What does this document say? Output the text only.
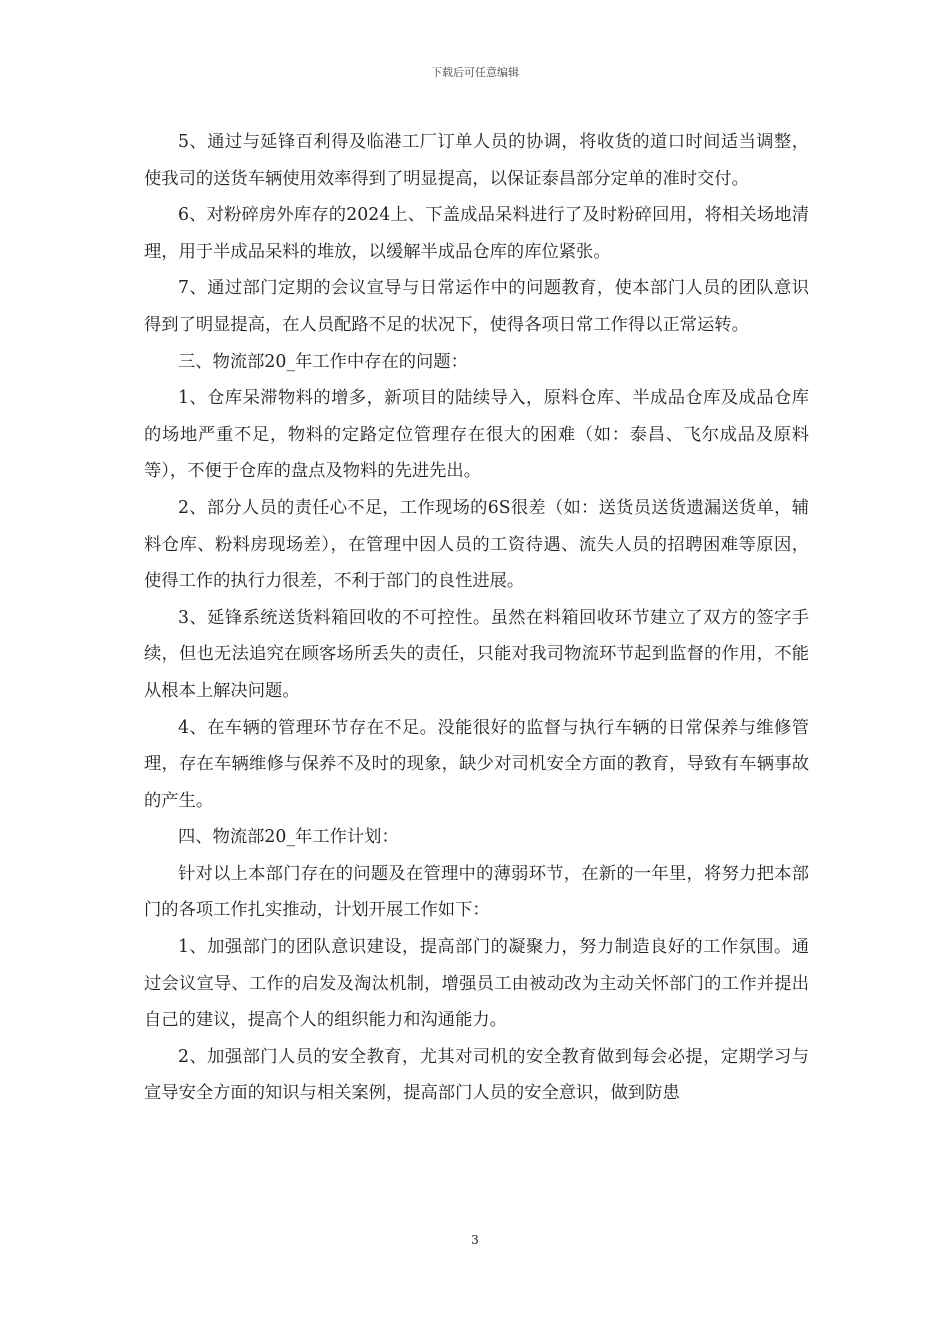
下载后可任意编辑

5、通过与延锋百利得及临港工厂订单人员的协调，将收货的道口时间适当调整，使我司的送货车辆使用效率得到了明显提高，以保证泰昌部分定单的准时交付。

6、对粉碎房外库存的2024上、下盖成品呆料进行了及时粉碎回用，将相关场地清理，用于半成品呆料的堆放，以缓解半成品仓库的库位紧张。

7、通过部门定期的会议宣导与日常运作中的问题教育，使本部门人员的团队意识得到了明显提高，在人员配路不足的状况下，使得各项日常工作得以正常运转。

三、物流部20_年工作中存在的问题：

1、仓库呆滞物料的增多，新项目的陆续导入，原料仓库、半成品仓库及成品仓库的场地严重不足，物料的定路定位管理存在很大的困难（如：泰昌、飞尔成品及原料等），不便于仓库的盘点及物料的先进先出。

2、部分人员的责任心不足，工作现场的6S很差（如：送货员送货遗漏送货单，辅料仓库、粉料房现场差），在管理中因人员的工资待遇、流失人员的招聘困难等原因，使得工作的执行力很差，不利于部门的良性进展。

3、延锋系统送货料箱回收的不可控性。虽然在料箱回收环节建立了双方的签字手续，但也无法追究在顾客场所丢失的责任，只能对我司物流环节起到监督的作用，不能从根本上解决问题。

4、在车辆的管理环节存在不足。没能很好的监督与执行车辆的日常保养与维修管理，存在车辆维修与保养不及时的现象，缺少对司机安全方面的教育，导致有车辆事故的产生。

四、物流部20_年工作计划：

针对以上本部门存在的问题及在管理中的薄弱环节，在新的一年里，将努力把本部门的各项工作扎实推动，计划开展工作如下：

1、加强部门的团队意识建设，提高部门的凝聚力，努力制造良好的工作氛围。通过会议宣导、工作的启发及淘汰机制，增强员工由被动改为主动关怀部门的工作并提出自己的建议，提高个人的组织能力和沟通能力。

2、加强部门人员的安全教育，尤其对司机的安全教育做到每会必提，定期学习与宣导安全方面的知识与相关案例，提高部门人员的安全意识，做到防患

3
